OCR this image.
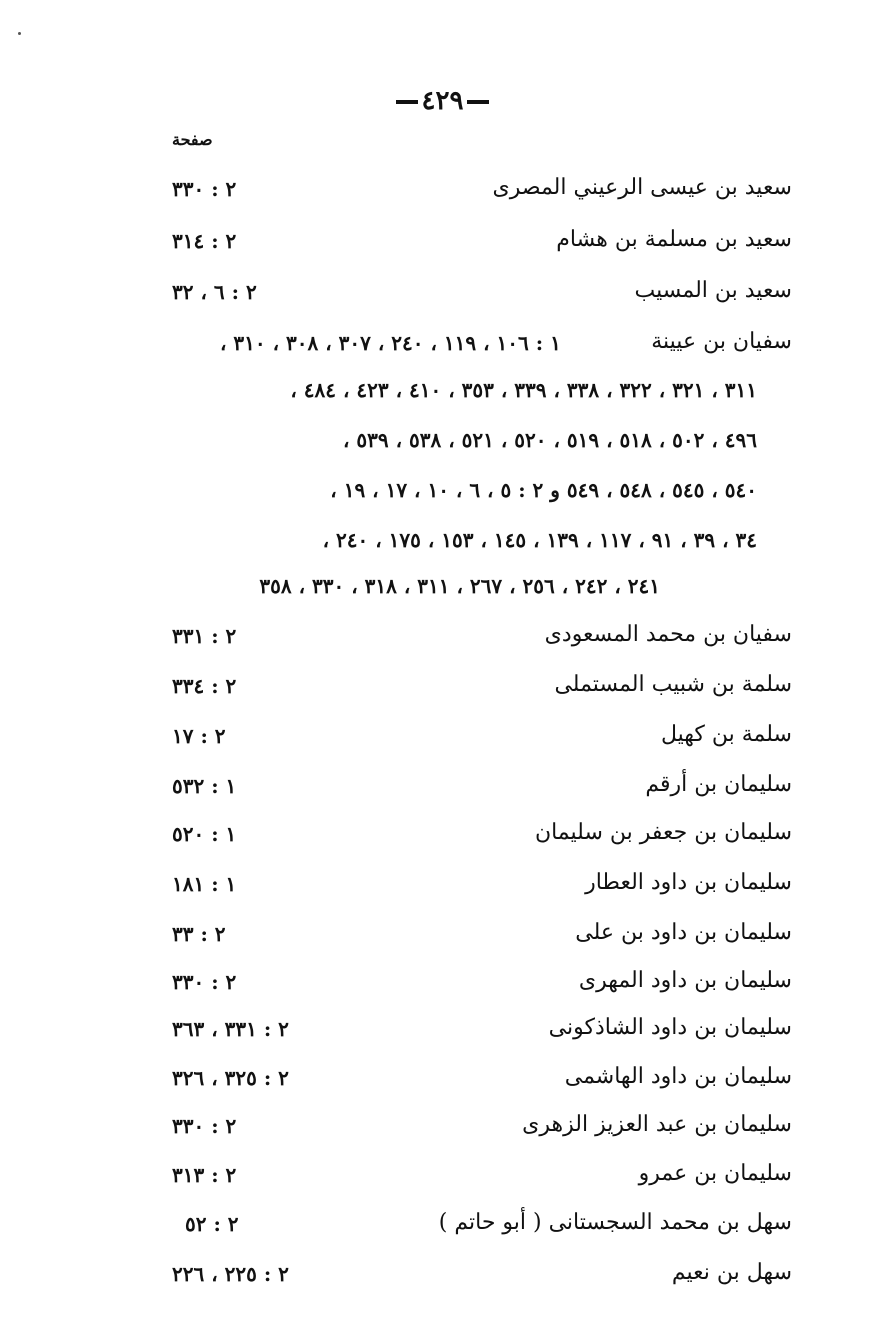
٤٢٩
صفحة
سعيد بن عيسى الرعيني المصرى
٢ : ٣٣٠
سعيد بن مسلمة بن هشام
٢ : ٣١٤
سعيد بن المسيب
٢ : ٦ ، ٣٢
سفيان بن عيينة
١ : ١٠٦ ، ١١٩ ، ٢٤٠ ، ٣٠٧ ، ٣٠٨ ، ٣١٠ ،
٣١١ ، ٣٢١ ، ٣٢٢ ، ٣٣٨ ، ٣٣٩ ، ٣٥٣ ، ٤١٠ ، ٤٢٣ ، ٤٨٤ ،
٤٩٦ ، ٥٠٢ ، ٥١٨ ، ٥١٩ ، ٥٢٠ ، ٥٢١ ، ٥٣٨ ، ٥٣٩ ،
٥٤٠ ، ٥٤٥ ، ٥٤٨ ، ٥٤٩ و ٢ : ٥ ، ٦ ، ١٠ ، ١٧ ، ١٩ ،
٣٤ ، ٣٩ ، ٩١ ، ١١٧ ، ١٣٩ ، ١٤٥ ، ١٥٣ ، ١٧٥ ، ٢٤٠ ،
٢٤١ ، ٢٤٢ ، ٢٥٦ ، ٢٦٧ ، ٣١١ ، ٣١٨ ، ٣٣٠ ، ٣٥٨
سفيان بن محمد المسعودى
٢ : ٣٣١
سلمة بن شبيب المستملى
٢ : ٣٣٤
سلمة بن كهيل
٢ : ١٧
سليمان بن أرقم
١ : ٥٣٢
سليمان بن جعفر بن سليمان
١ : ٥٢٠
سليمان بن داود العطار
١ : ١٨١
سليمان بن داود بن على
٢ : ٣٣
سليمان بن داود المهرى
٢ : ٣٣٠
سليمان بن داود الشاذكونى
٢ : ٣٣١ ، ٣٦٣
سليمان بن داود الهاشمى
٢ : ٣٢٥ ، ٣٢٦
سليمان بن عبد العزيز الزهرى
٢ : ٣٣٠
سليمان بن عمرو
٢ : ٣١٣
سهل بن محمد السجستانى ( أبو حاتم )
٢ : ٥٢
سهل بن نعيم
٢ : ٢٢٥ ، ٢٢٦
